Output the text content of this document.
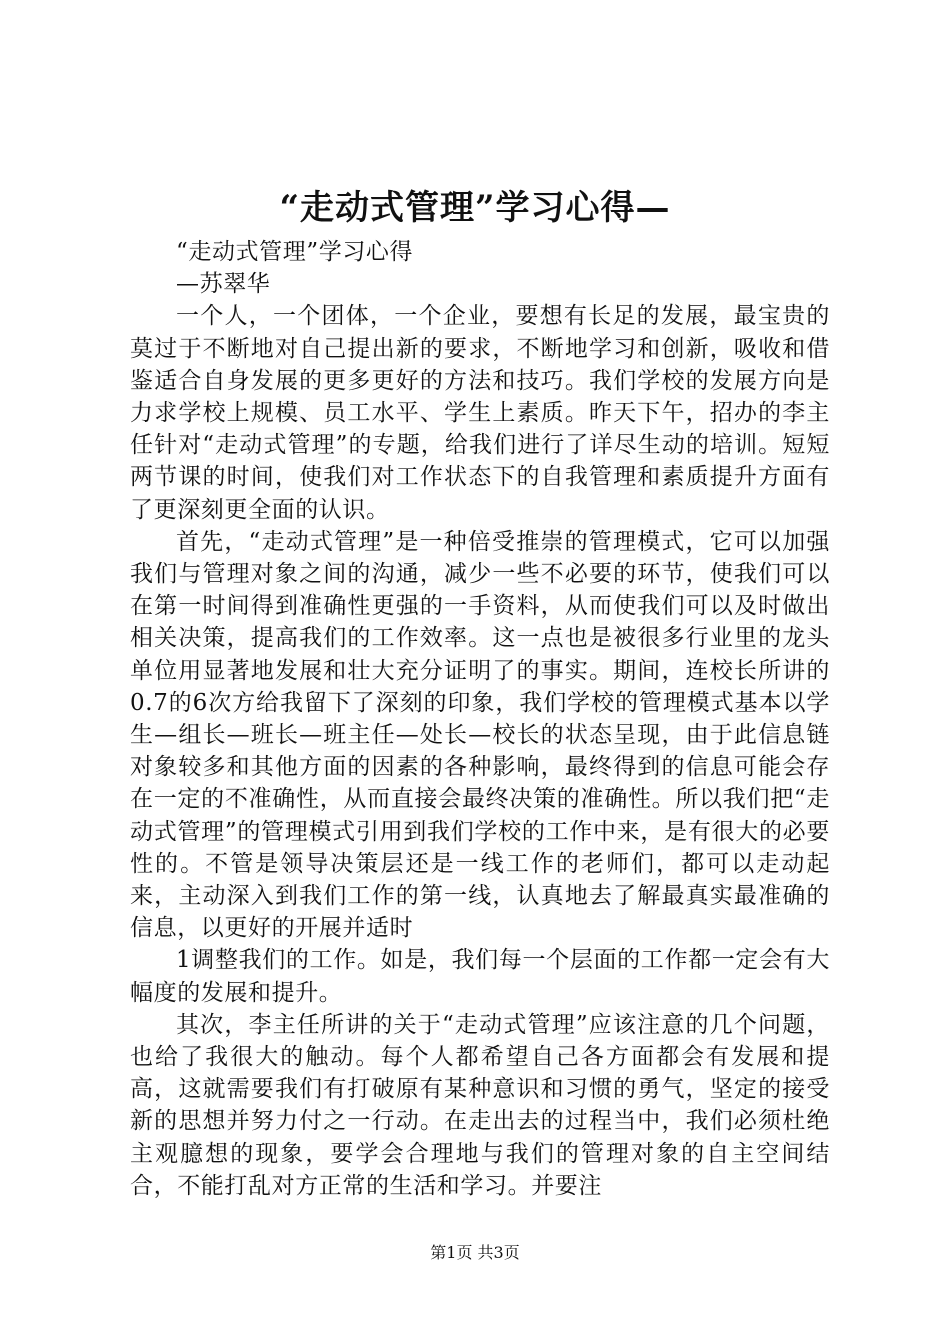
“走动式管理”学习心得—

“走动式管理”学习心得

—苏翠华

一个人，一个团体，一个企业，要想有长足的发展，最宝贵的莫过于不断地对自己提出新的要求，不断地学习和创新，吸收和借鉴适合自身发展的更多更好的方法和技巧。我们学校的发展方向是力求学校上规模、员工水平、学生上素质。昨天下午，招办的李主任针对“走动式管理”的专题，给我们进行了详尽生动的培训。短短两节课的时间，使我们对工作状态下的自我管理和素质提升方面有了更深刻更全面的认识。

首先，“走动式管理”是一种倍受推崇的管理模式，它可以加强我们与管理对象之间的沟通，减少一些不必要的环节，使我们可以在第一时间得到准确性更强的一手资料，从而使我们可以及时做出相关决策，提高我们的工作效率。这一点也是被很多行业里的龙头单位用显著地发展和壮大充分证明了的事实。期间，连校长所讲的0.7的6次方给我留下了深刻的印象，我们学校的管理模式基本以学生—组长—班长—班主任—处长—校长的状态呈现，由于此信息链对象较多和其他方面的因素的各种影响，最终得到的信息可能会存在一定的不准确性，从而直接会最终决策的准确性。所以我们把“走动式管理”的管理模式引用到我们学校的工作中来，是有很大的必要性的。不管是领导决策层还是一线工作的老师们，都可以走动起来，主动深入到我们工作的第一线，认真地去了解最真实最准确的信息，以更好的开展并适时

1调整我们的工作。如是，我们每一个层面的工作都一定会有大幅度的发展和提升。

其次，李主任所讲的关于“走动式管理”应该注意的几个问题，也给了我很大的触动。每个人都希望自己各方面都会有发展和提高，这就需要我们有打破原有某种意识和习惯的勇气，坚定的接受新的思想并努力付之一行动。在走出去的过程当中，我们必须杜绝主观臆想的现象，要学会合理地与我们的管理对象的自主空间结合，不能打乱对方正常的生活和学习。并要注

第1页 共3页
